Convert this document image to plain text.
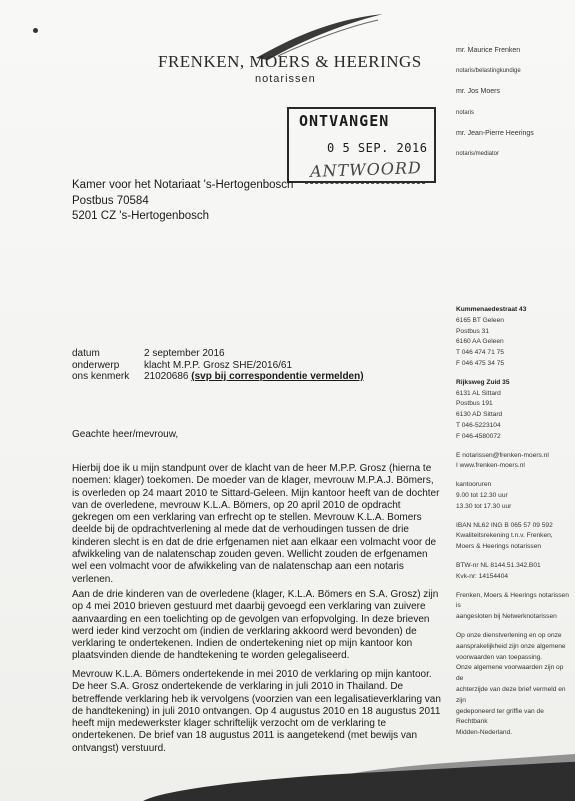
FRENKEN, MOERS & HEERINGS
notarissen
mr. Maurice Frenken
notaris/belastingkundige
mr. Jos Moers
notaris
mr. Jean-Pierre Heerings
notaris/mediator
ONTVANGEN
0 5 SEP. 2016
ANTWOORD
Kamer voor het Notariaat 's-Hertogenbosch
Postbus 70584
5201 CZ 's-Hertogenbosch
Kummenaedestraat 43
6165 BT Geleen
Postbus 31
6160 AA Geleen
T 046 474 71 75
F 046 475 34 75
Rijksweg Zuid 35
6131 AL Sittard
Postbus 191
6130 AD Sittard
T 046-5223104
F 046-4580072
E notarissen@frenken-moers.nl
I www.frenken-moers.nl
kantooruren
9.00 tot 12.30 uur
13.30 tot 17.30 uur
IBAN NL62 ING B 065 57 09 592
Kwaliteitsrekening t.n.v. Frenken,
Moers & Heerings notarissen
BTW-nr NL 8144.51.342.B01
Kvk-nr: 14154404
Frenken, Moers & Heerings notarissen is
aangesloten bij Netwerknotarissen
Op onze dienstverlening en op onze
aansprakelijkheid zijn onze algemene
voorwaarden van toepassing.
Onze algemene voorwaarden zijn op de
achterzijde van deze brief vermeld en zijn
gedeponeerd ter griffie van de Rechtbank
Midden-Nederland.
datum	2 september 2016
onderwerp klacht M.P.P. Grosz SHE/2016/61
ons kenmerk 21020686 (svp bij correspondentie vermelden)
Geachte heer/mevrouw,
Hierbij doe ik u mijn standpunt over de klacht van de heer M.P.P. Grosz (hierna te
noemen: klager) toekomen. De moeder van de klager, mevrouw M.P.A.J. Bömers,
is overleden op 24 maart 2010 te Sittard-Geleen. Mijn kantoor heeft van de dochter
van de overledene, mevrouw K.L.A. Bömers, op 20 april 2010 de opdracht
gekregen om een verklaring van erfrecht op te stellen. Mevrouw K.L.A. Bomers
deelde bij de opdrachtverlening al mede dat de verhoudingen tussen de drie
kinderen slecht is en dat de drie erfgenamen niet aan elkaar een volmacht voor de
afwikkeling van de nalatenschap zouden geven. Wellicht zouden de erfgenamen
wel een volmacht voor de afwikkeling van de nalatenschap aan een notaris
verlenen.
Aan de drie kinderen van de overledene (klager, K.L.A. Bömers en S.A. Grosz) zijn
op 4 mei 2010 brieven gestuurd met daarbij gevoegd een verklaring van zuivere
aanvaarding en een toelichting op de gevolgen van erfopvolging. In deze brieven
werd ieder kind verzocht om (indien de verklaring akkoord werd bevonden) de
verklaring te ondertekenen. Indien de ondertekening niet op mijn kantoor kon
plaatsvinden diende de handtekening te worden gelegaliseerd.
Mevrouw K.L.A. Bömers ondertekende in mei 2010 de verklaring op mijn kantoor.
De heer S.A. Grosz ondertekende de verklaring in juli 2010 in Thailand. De
betreffende verklaring heb ik vervolgens (voorzien van een legalisatieverklaring van
de handtekening) in juli 2010 ontvangen. Op 4 augustus 2010 en 18 augustus 2011
heeft mijn medewerkster klager schriftelijk verzocht om de verklaring te
ondertekenen. De brief van 18 augustus 2011 is aangetekend (met bewijs van
ontvangst) verstuurd.
